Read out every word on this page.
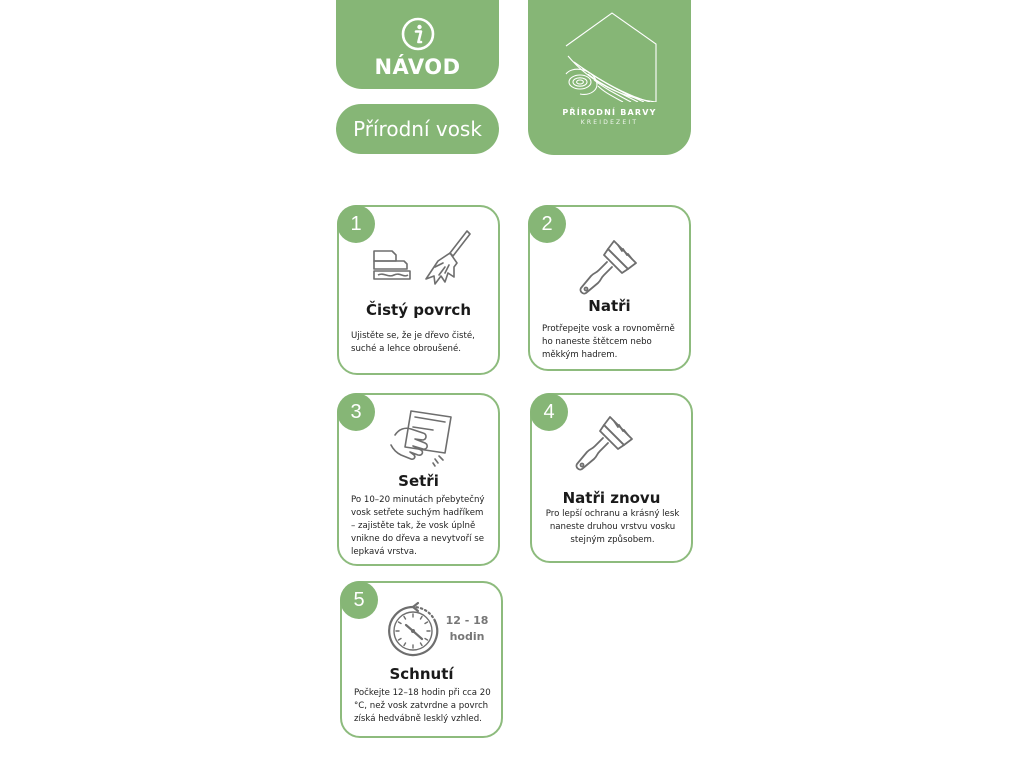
NÁVOD
Přírodní vosk
PŘÍRODNÍ BARVY
KREIDEZEIT
1
Čistý povrch
Ujistěte se, že je dřevo čisté, suché a lehce obroušené.
2
Natři
Protřepejte vosk a rovnoměrně ho naneste štětcem nebo měkkým hadrem.
3
Setři
Po 10–20 minutách přebytečný vosk setřete suchým hadříkem – zajistěte tak, že vosk úplně vnikne do dřeva a nevytvoří se lepkavá vrstva.
4
Natři znovu
Pro lepší ochranu a krásný lesk naneste druhou vrstvu vosku stejným způsobem.
5
12 - 18
hodin
Schnutí
Počkejte 12–18 hodin při cca 20 °C, než vosk zatvrdne a povrch získá hedvábně lesklý vzhled.
